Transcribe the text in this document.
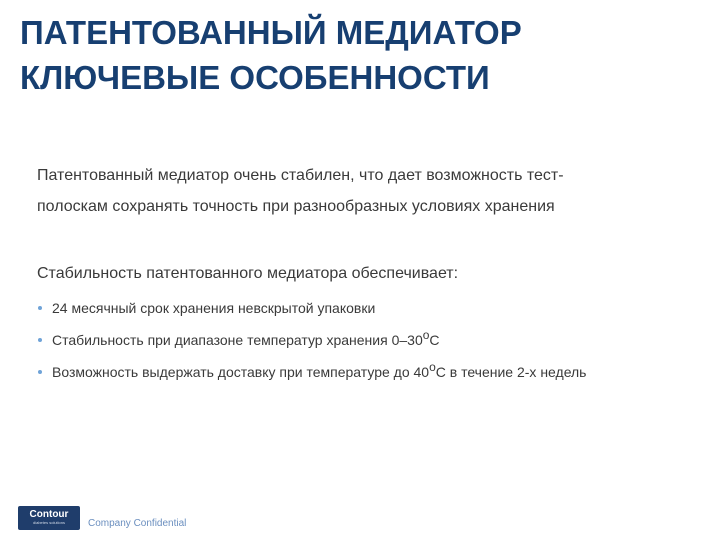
ПАТЕНТОВАННЫЙ МЕДИАТОР
КЛЮЧЕВЫЕ ОСОБЕННОСТИ

Патентованный медиатор очень стабилен, что дает возможность тест-
полоскам сохранять точность при разнообразных условиях хранения

Стабильность патентованного медиатора обеспечивает:

24 месячный срок хранения невскрытой упаковки
Стабильность при диапазоне температур хранения 0–30oC
Возможность выдержать доставку при температуре до 40oC в течение 2-х недель
Contour
diabetes solutions Company Confidential
